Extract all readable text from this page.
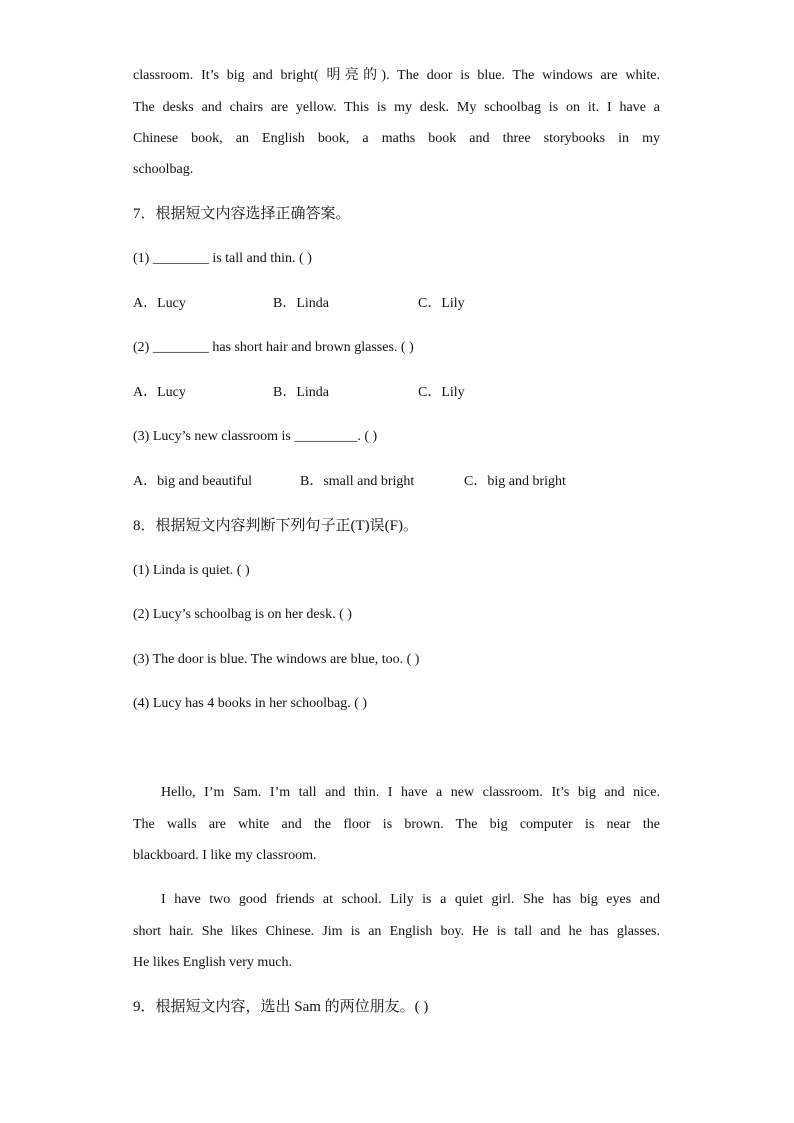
classroom. It’s big and bright( 明亮的). The door is blue. The windows are white.
The desks and chairs are yellow. This is my desk. My schoolbag is on it. I have a
Chinese book, an English book, a maths book and three storybooks in my
schoolbag.
7．根据短文内容选择正确答案。
(1) ________ is tall and thin. ( )
A．Lucy	B．Linda	C．Lily
(2) ________ has short hair and brown glasses. ( )
A．Lucy	B．Linda	C．Lily
(3) Lucy’s new classroom is _________. ( )
A．big and beautiful	B．small and bright	C．big and bright
8．根据短文内容判断下列句子正(T)误(F)。
(1) Linda is quiet. ( )
(2) Lucy’s schoolbag is on her desk. ( )
(3) The door is blue. The windows are blue, too. ( )
(4) Lucy has 4 books in her schoolbag. ( )
Hello, I’m Sam. I’m tall and thin. I have a new classroom. It’s big and nice.
The walls are white and the floor is brown. The big computer is near the
blackboard. I like my classroom.
I have two good friends at school. Lily is a quiet girl. She has big eyes and
short hair. She likes Chinese. Jim is an English boy. He is tall and he has glasses.
He likes English very much.
9．根据短文内容，选出 Sam 的两位朋友。( )
